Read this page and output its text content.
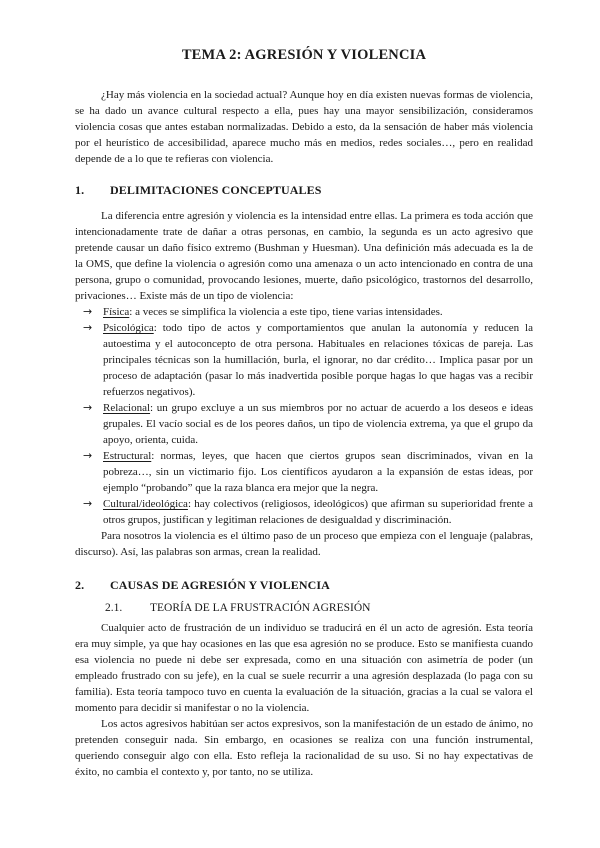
TEMA 2: AGRESIÓN Y VIOLENCIA

¿Hay más violencia en la sociedad actual? Aunque hoy en día existen nuevas formas de violencia, se ha dado un avance cultural respecto a ella, pues hay una mayor sensibilización, consideramos violencia cosas que antes estaban normalizadas. Debido a esto, da la sensación de haber más violencia por el heurístico de accesibilidad, aparece mucho más en medios, redes sociales…, pero en realidad depende de a lo que te refieras con violencia.

1.	DELIMITACIONES CONCEPTUALES

La diferencia entre agresión y violencia es la intensidad entre ellas. La primera es toda acción que intencionadamente trate de dañar a otras personas, en cambio, la segunda es un acto agresivo que pretende causar un daño físico extremo (Bushman y Huesman). Una definición más adecuada es la de la OMS, que define la violencia o agresión como una amenaza o un acto intencionado en contra de una persona, grupo o comunidad, provocando lesiones, muerte, daño psicológico, trastornos del desarrollo, privaciones… Existe más de un tipo de violencia:

→ Física: a veces se simplifica la violencia a este tipo, tiene varias intensidades.
→ Psicológica: todo tipo de actos y comportamientos que anulan la autonomía y reducen la autoestima y el autoconcepto de otra persona. Habituales en relaciones tóxicas de pareja. Las principales técnicas son la humillación, burla, el ignorar, no dar crédito… Implica pasar por un proceso de adaptación (pasar lo más inadvertida posible porque hagas lo que hagas vas a recibir refuerzos negativos).
→ Relacional: un grupo excluye a un sus miembros por no actuar de acuerdo a los deseos e ideas grupales. El vacío social es de los peores daños, un tipo de violencia extrema, ya que el grupo da apoyo, orienta, cuida.
→ Estructural: normas, leyes, que hacen que ciertos grupos sean discriminados, vivan en la pobreza…, sin un victimario fijo. Los científicos ayudaron a la expansión de estas ideas, por ejemplo “probando” que la raza blanca era mejor que la negra.
→ Cultural/ideológica: hay colectivos (religiosos, ideológicos) que afirman su superioridad frente a otros grupos, justifican y legitiman relaciones de desigualdad y discriminación.

Para nosotros la violencia es el último paso de un proceso que empieza con el lenguaje (palabras, discurso). Así, las palabras son armas, crean la realidad.

2.	CAUSAS DE AGRESIÓN Y VIOLENCIA
2.1.	TEORÍA DE LA FRUSTRACIÓN AGRESIÓN

Cualquier acto de frustración de un individuo se traducirá en él un acto de agresión. Esta teoría era muy simple, ya que hay ocasiones en las que esa agresión no se produce. Esto se manifiesta cuando esa violencia no puede ni debe ser expresada, como en una situación con asimetría de poder (un empleado frustrado con su jefe), en la cual se suele recurrir a una agresión desplazada (lo paga con su familia). Esta teoría tampoco tuvo en cuenta la evaluación de la situación, gracias a la cual se valora el momento para decidir si manifestar o no la violencia.

Los actos agresivos habitúan ser actos expresivos, son la manifestación de un estado de ánimo, no pretenden conseguir nada. Sin embargo, en ocasiones se realiza con una función instrumental, queriendo conseguir algo con ella. Esto refleja la racionalidad de su uso. Si no hay expectativas de éxito, no cambia el contexto y, por tanto, no se utiliza.
